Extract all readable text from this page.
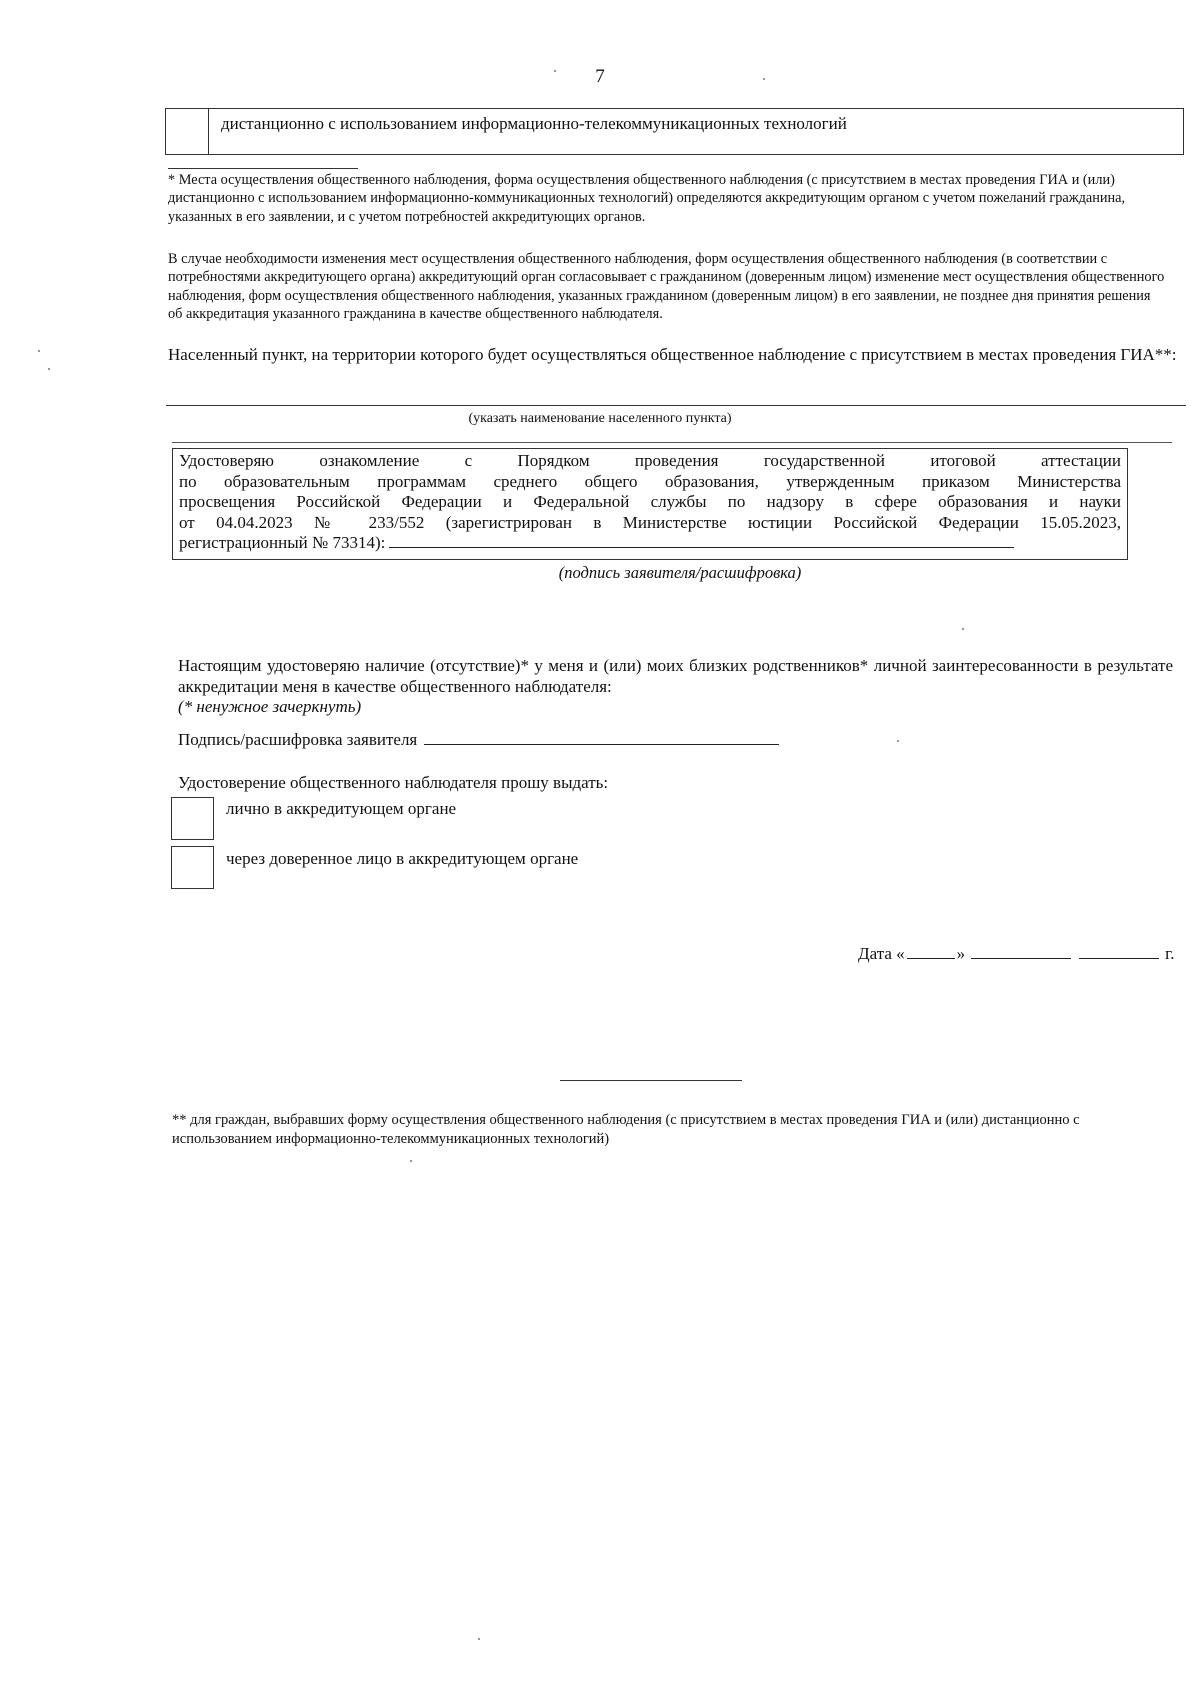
7
дистанционно с использованием информационно-телекоммуникационных технологий
* Места осуществления общественного наблюдения, форма осуществления общественного наблюдения (с присутствием в местах проведения ГИА и (или) дистанционно с использованием информационно-коммуникационных технологий) определяются аккредитующим органом с учетом пожеланий гражданина, указанных в его заявлении, и с учетом потребностей аккредитующих органов.
В случае необходимости изменения мест осуществления общественного наблюдения, форм осуществления общественного наблюдения (в соответствии с потребностями аккредитующего органа) аккредитующий орган согласовывает с гражданином (доверенным лицом) изменение мест осуществления общественного наблюдения, форм осуществления общественного наблюдения, указанных гражданином (доверенным лицом) в его заявлении, не позднее дня принятия решения об аккредитация указанного гражданина в качестве общественного наблюдателя.
Населенный пункт, на территории которого будет осуществляться общественное наблюдение с присутствием в местах проведения ГИА**:
(указать наименование населенного пункта)
Удостоверяю ознакомление с Порядком проведения государственной итоговой аттестации
по образовательным программам среднего общего образования, утвержденным приказом Министерства
просвещения Российской Федерации и Федеральной службы по надзору в сфере образования и науки
от 04.04.2023 № 233/552 (зарегистрирован в Министерстве юстиции Российской Федерации 15.05.2023,
регистрационный № 73314):
(подпись заявителя/расшифровка)
Настоящим удостоверяю наличие (отсутствие)* у меня и (или) моих близких родственников* личной заинтересованности в результате аккредитации меня в качестве общественного наблюдателя:
(* ненужное зачеркнуть)
Подпись/расшифровка заявителя
Удостоверение общественного наблюдателя прошу выдать:
лично в аккредитующем органе
через доверенное лицо в аккредитующем органе
Дата «	»	г.
** для граждан, выбравших форму осуществления общественного наблюдения (с присутствием в местах проведения ГИА и (или) дистанционно с использованием информационно-телекоммуникационных технологий)
